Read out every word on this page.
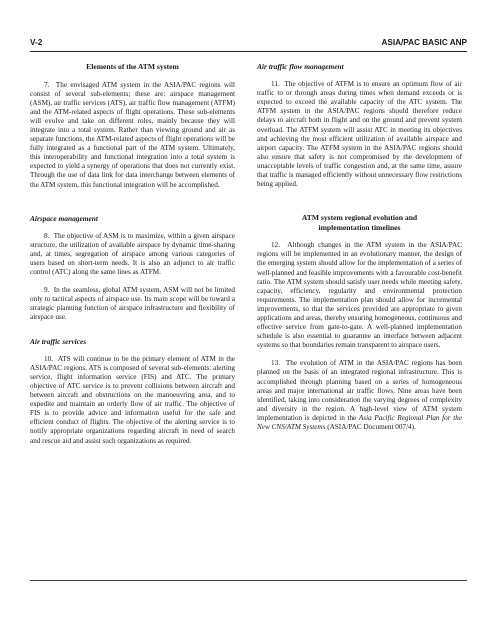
V-2	ASIA/PAC BASIC ANP

Elements of the ATM system

7.  The envisaged ATM system in the ASIA/PAC regions will consist of several sub-elements; these are: airspace management (ASM), air traffic services (ATS), air traffic flow management (ATFM) and the ATM-related aspects of flight operations. These sub-elements will evolve and take on different roles, mainly because they will integrate into a total system. Rather than viewing ground and air as separate functions, the ATM-related aspects of flight operations will be fully integrated as a functional part of the ATM system. Ultimately, this interoperability and functional integration into a total system is expected to yield a synergy of operations that does not currently exist. Through the use of data link for data interchange between elements of the ATM system, this functional integration will be accomplished.

Airspace management

8.  The objective of ASM is to maximize, within a given airspace structure, the utilization of available airspace by dynamic time-sharing and, at times, segregation of airspace among various categories of users based on short-term needs. It is also an adjunct to air traffic control (ATC) along the same lines as ATFM.

9.  In the seamless, global ATM system, ASM will not be limited only to tactical aspects of airspace use. Its main scope will be toward a strategic planning function of airspace infrastructure and flexibility of airspace use.

Air traffic services

10.  ATS will continue to be the primary element of ATM in the ASIA/PAC regions. ATS is composed of several sub-elements: alerting service, flight information service (FIS) and ATC. The primary objective of ATC service is to prevent collisions between aircraft and between aircraft and obstructions on the manoeuvring area, and to expedite and maintain an orderly flow of air traffic. The objective of FIS is to provide advice and information useful for the safe and efficient conduct of flights. The objective of the alerting service is to notify appropriate organizations regarding aircraft in need of search and rescue aid and assist such organizations as required.

Air traffic flow management

11.  The objective of ATFM is to ensure an optimum flow of air traffic to or through areas during times when demand exceeds or is expected to exceed the available capacity of the ATC system. The ATFM system in the ASIA/PAC regions should therefore reduce delays to aircraft both in flight and on the ground and prevent system overload. The ATFM system will assist ATC in meeting its objectives and achieving the most efficient utilization of available airspace and airport capacity. The ATFM system in the ASIA/PAC regions should also ensure that safety is not compromised by the development of unacceptable levels of traffic congestion and, at the same time, assure that traffic is managed efficiently without unnecessary flow restrictions being applied.

ATM system regional evolution and

implementation timelines

12.  Although changes in the ATM system in the ASIA/PAC regions will be implemented in an evolutionary manner, the design of the emerging system should allow for the implementation of a series of well-planned and feasible improvements with a favourable cost-benefit ratio. The ATM system should satisfy user needs while meeting safety, capacity, efficiency, regularity and environmental protection requirements. The implementation plan should allow for incremental improvements, so that the services provided are appropriate to given applications and areas, thereby ensuring homogeneous, continuous and effective service from gate-to-gate. A well-planned implementation schedule is also essential to guarantee an interface between adjacent systems so that boundaries remain transparent to airspace users.

13.  The evolution of ATM in the ASIA/PAC regions has been planned on the basis of an integrated regional infrastructure. This is accomplished through planning based on a series of homogeneous areas and major international air traffic flows. Nine areas have been identified, taking into consideration the varying degrees of complexity and diversity in the region. A high-level view of ATM system implementation is depicted in the Asia Pacific Regional Plan for the New CNS/ATM Systems (ASIA/PAC Document 007/4).
